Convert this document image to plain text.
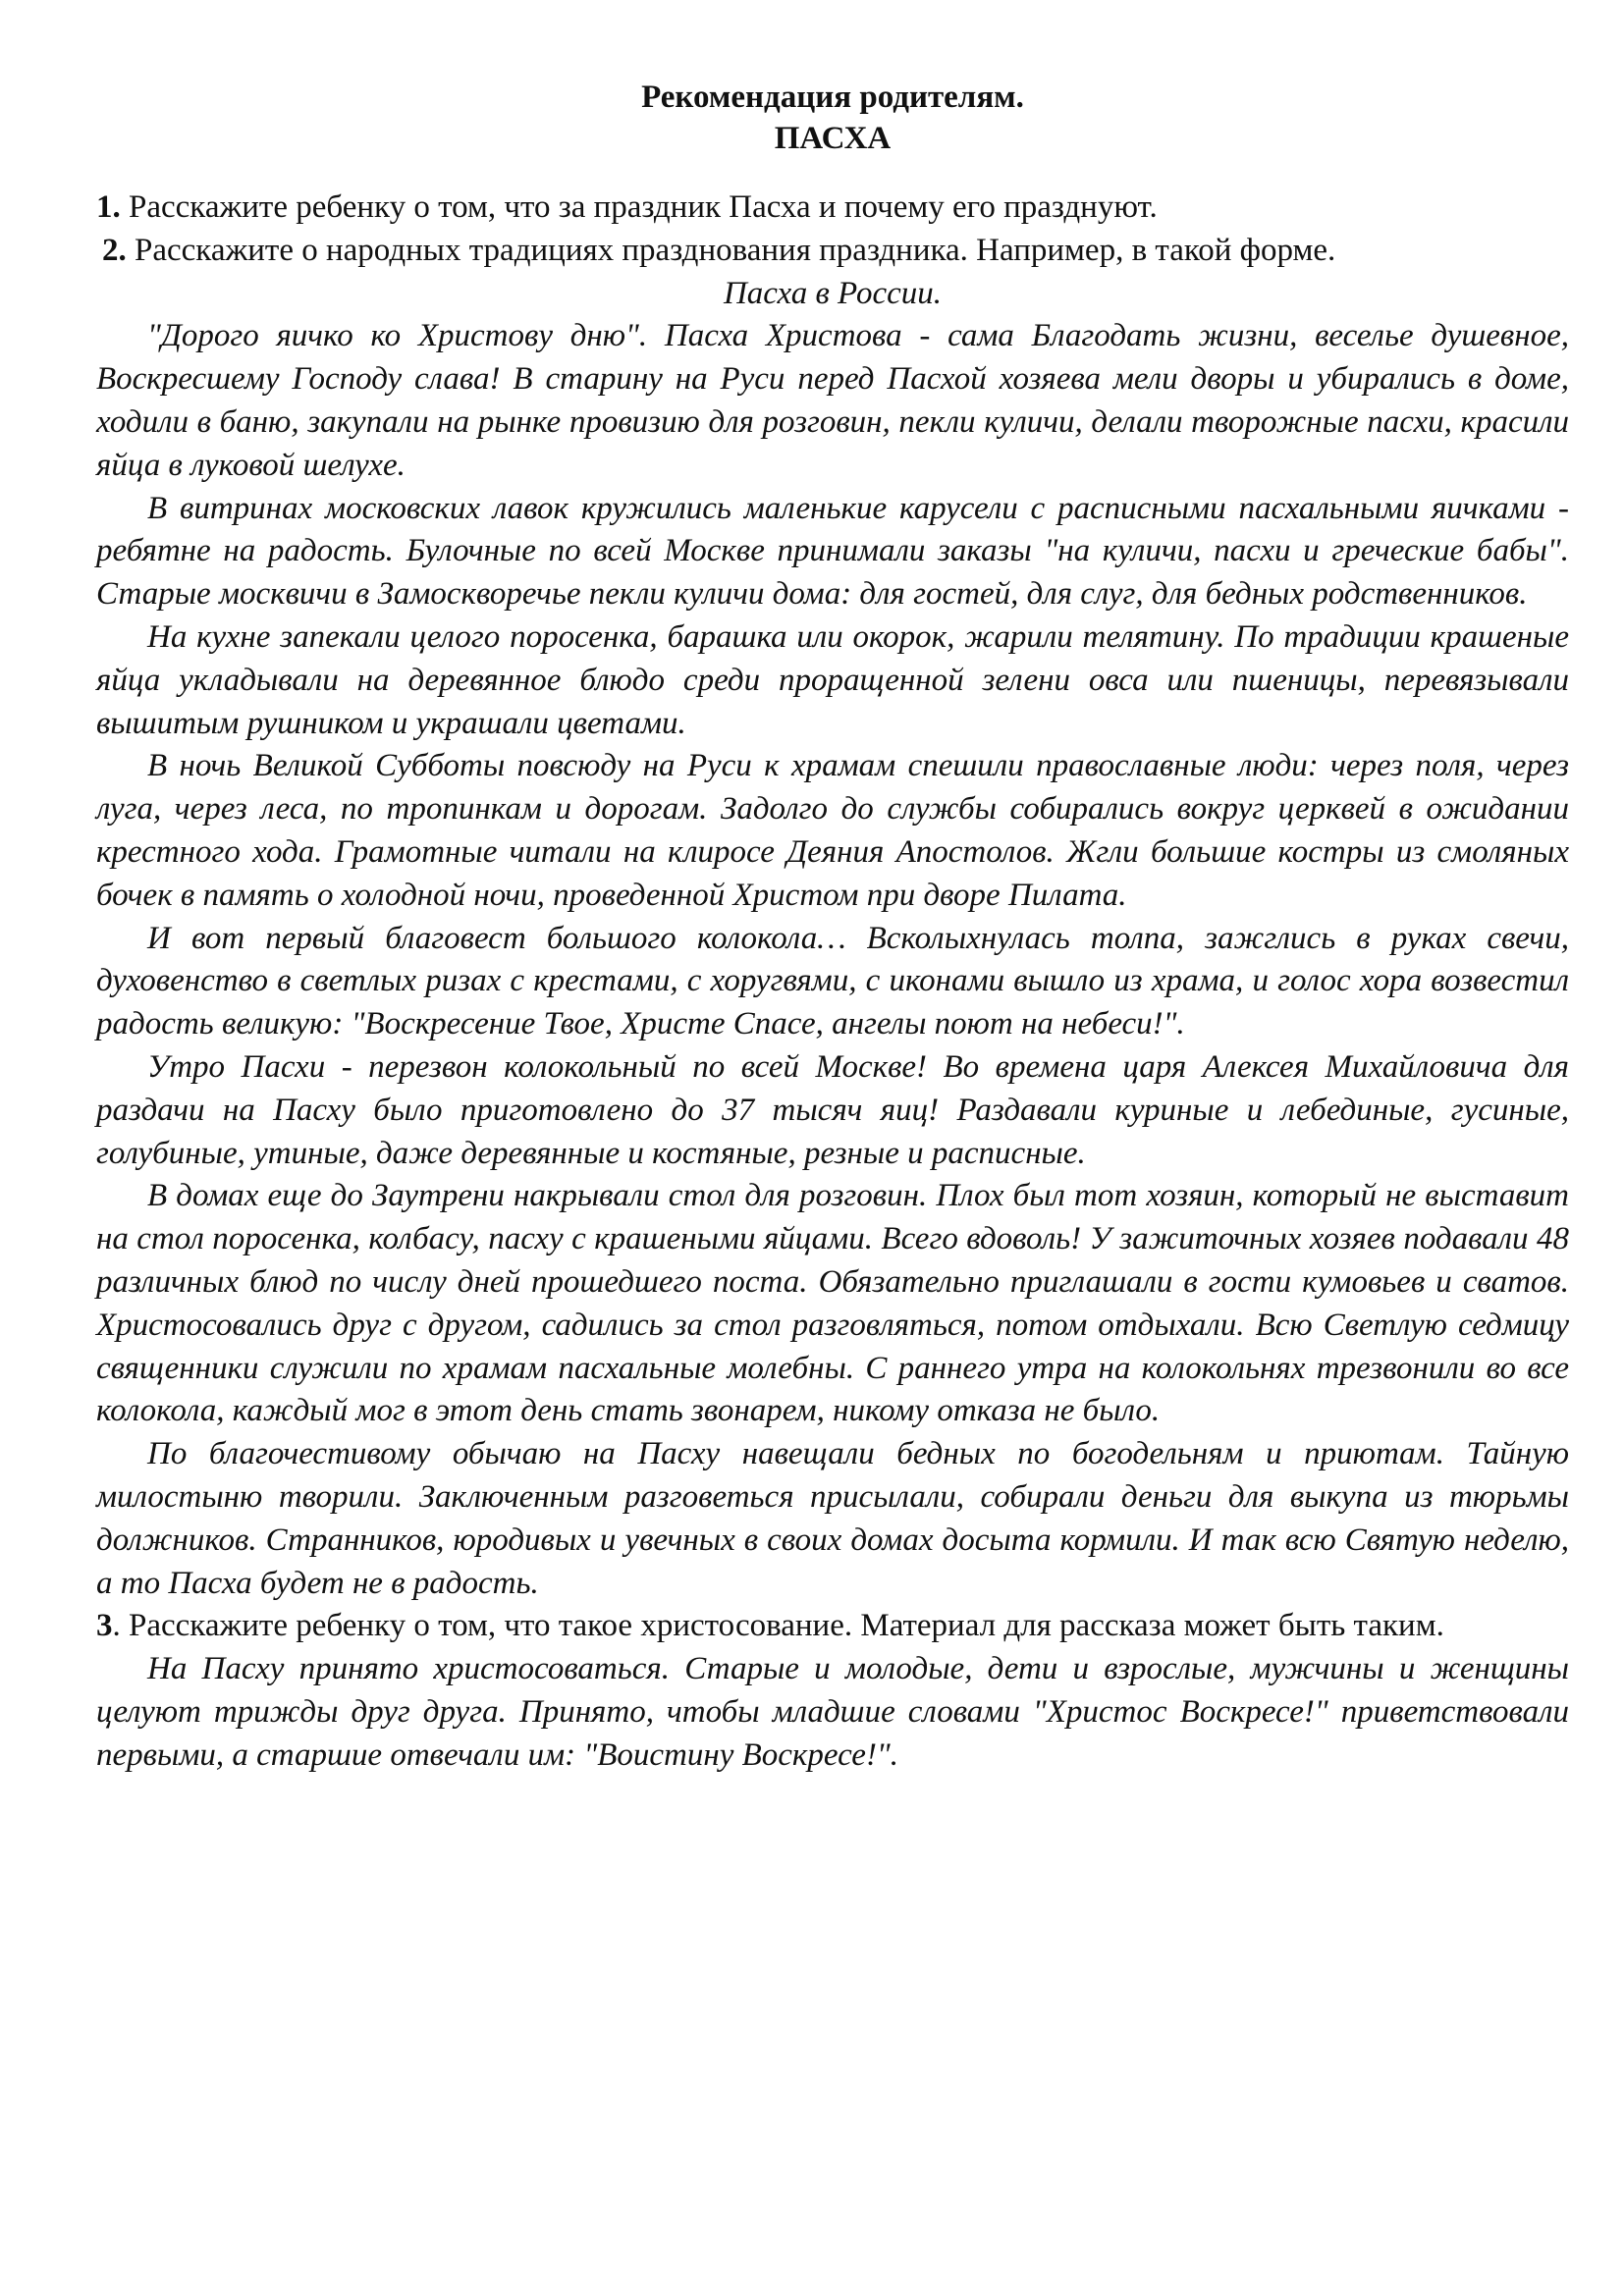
Рекомендация родителям.

ПАСХА

1. Расскажите ребенку о том, что за праздник Пасха и почему его празднуют.

2. Расскажите о народных традициях празднования праздника. Например, в такой форме.

Пасха в России.

"Дорого яичко ко Христову дню". Пасха Христова - сама Благодать жизни, веселье душевное, Воскресшему Господу слава! В старину на Руси перед Пасхой хозяева мели дворы и убирались в доме, ходили в баню, закупали на рынке провизию для розговин, пекли куличи, делали творожные пасхи, красили яйца в луковой шелухе.

В витринах московских лавок кружились маленькие карусели с расписными пасхальными яичками - ребятне на радость. Булочные по всей Москве принимали заказы "на куличи, пасхи и греческие бабы". Старые москвичи в Замоскворечье пекли куличи дома: для гостей, для слуг, для бедных родственников.

На кухне запекали целого поросенка, барашка или окорок, жарили телятину. По традиции крашеные яйца укладывали на деревянное блюдо среди проращенной зелени овса или пшеницы, перевязывали вышитым рушником и украшали цветами.

В ночь Великой Субботы повсюду на Руси к храмам спешили православные люди: через поля, через луга, через леса, по тропинкам и дорогам. Задолго до службы собирались вокруг церквей в ожидании крестного хода. Грамотные читали на клиросе Деяния Апостолов. Жгли большие костры из смоляных бочек в память о холодной ночи, проведенной Христом при дворе Пилата.

И вот первый благовест большого колокола… Всколыхнулась толпа, зажглись в руках свечи, духовенство в светлых ризах с крестами, с хоругвями, с иконами вышло из храма, и голос хора возвестил радость великую: "Воскресение Твое, Христе Спасе, ангелы поют на небеси!".

Утро Пасхи - перезвон колокольный по всей Москве! Во времена царя Алексея Михайловича для раздачи на Пасху было приготовлено до 37 тысяч яиц! Раздавали куриные и лебединые, гусиные, голубиные, утиные, даже деревянные и костяные, резные и расписные.

В домах еще до Заутрени накрывали стол для розговин. Плох был тот хозяин, который не выставит на стол поросенка, колбасу, пасху с крашеными яйцами. Всего вдоволь! У зажиточных хозяев подавали 48 различных блюд по числу дней прошедшего поста. Обязательно приглашали в гости кумовьев и сватов. Христосовались друг с другом, садились за стол разговляться, потом отдыхали. Всю Светлую седмицу священники служили по храмам пасхальные молебны. С раннего утра на колокольнях трезвонили во все колокола, каждый мог в этот день стать звонарем, никому отказа не было.

По благочестивому обычаю на Пасху навещали бедных по богодельням и приютам. Тайную милостыню творили. Заключенным разговеться присылали, собирали деньги для выкупа из тюрьмы должников. Странников, юродивых и увечных в своих домах досыта кормили. И так всю Святую неделю, а то Пасха будет не в радость.

3. Расскажите ребенку о том, что такое христосование. Материал для рассказа может быть таким.

На Пасху принято христосоваться. Старые и молодые, дети и взрослые, мужчины и женщины целуют трижды друг друга. Принято, чтобы младшие словами "Христос Воскресе!" приветствовали первыми, а старшие отвечали им: "Воистину Воскресе!".
